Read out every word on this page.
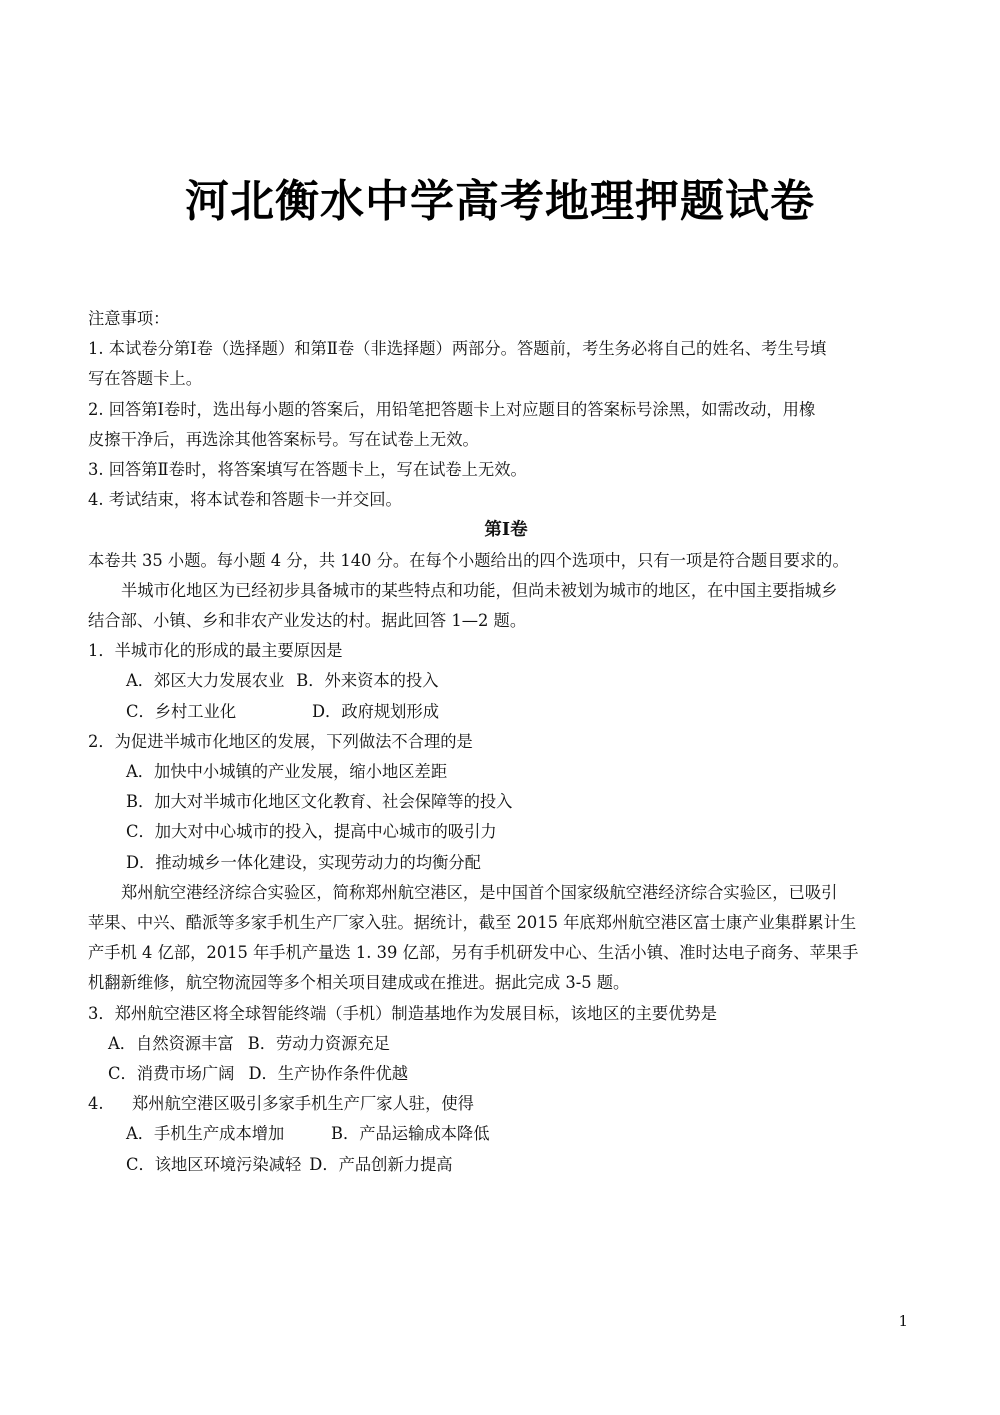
河北衡水中学高考地理押题试卷
注意事项：
1. 本试卷分第Ⅰ卷（选择题）和第Ⅱ卷（非选择题）两部分。答题前，考生务必将自己的姓名、考生号填
写在答题卡上。
2. 回答第Ⅰ卷时，选出每小题的答案后，用铅笔把答题卡上对应题目的答案标号涂黑，如需改动，用橡
皮擦干净后，再选涂其他答案标号。写在试卷上无效。
3. 回答第Ⅱ卷时，将答案填写在答题卡上，写在试卷上无效。
4. 考试结束，将本试卷和答题卡一并交回。
第Ⅰ卷
本卷共 35 小题。每小题 4 分，共 140 分。在每个小题给出的四个选项中，只有一项是符合题目要求的。
半城市化地区为已经初步具备城市的某些特点和功能，但尚未被划为城市的地区，在中国主要指城乡
结合部、小镇、乡和非农产业发达的村。据此回答 1—2 题。
1．半城市化的形成的最主要原因是
A．郊区大力发展农业 B．外来资本的投入
C．乡村工业化	D．政府规划形成
2．为促进半城市化地区的发展，下列做法不合理的是
A．加快中小城镇的产业发展，缩小地区差距
B．加大对半城市化地区文化教育、社会保障等的投入
C．加大对中心城市的投入，提高中心城市的吸引力
D．推动城乡一体化建设，实现劳动力的均衡分配
郑州航空港经济综合实验区，简称郑州航空港区，是中国首个国家级航空港经济综合实验区，已吸引
苹果、中兴、酷派等多家手机生产厂家入驻。据统计，截至 2015 年底郑州航空港区富士康产业集群累计生
产手机 4 亿部，2015 年手机产量迭 1. 39 亿部，另有手机研发中心、生活小镇、准时达电子商务、苹果手
机翻新维修，航空物流园等多个相关项目建成或在推进。据此完成 3-5 题。
3．郑州航空港区将全球智能终端（手机）制造基地作为发展目标，该地区的主要优势是
A．自然资源丰富 B．劳动力资源充足
C．消费市场广阔 D．生产协作条件优越
4. 郑州航空港区吸引多家手机生产厂家人驻，使得
A．手机生产成本增加	B．产品运输成本降低
C．该地区环境污染减轻 D．产品创新力提高
1
